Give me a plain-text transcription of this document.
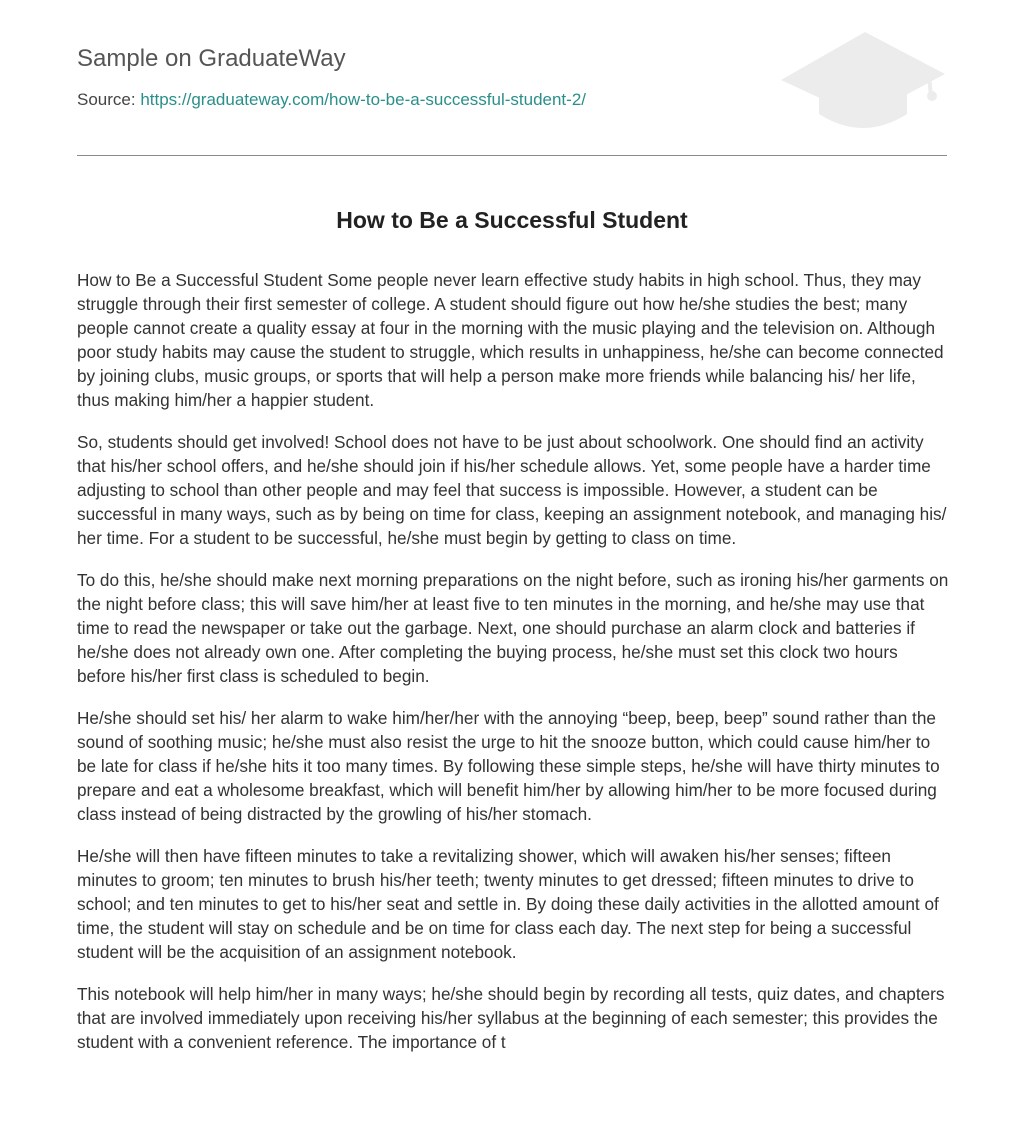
Sample on GraduateWay
Source: https://graduateway.com/how-to-be-a-successful-student-2/
How to Be a Successful Student

How to Be a Successful Student Some people never learn effective study habits in high school. Thus, they may struggle through their first semester of college. A student should figure out how he/she studies the best; many people cannot create a quality essay at four in the morning with the music playing and the television on. Although poor study habits may cause the student to struggle, which results in unhappiness, he/she can become connected by joining clubs, music groups, or sports that will help a person make more friends while balancing his/ her life, thus making him/her a happier student.

So, students should get involved! School does not have to be just about schoolwork. One should find an activity that his/her school offers, and he/she should join if his/her schedule allows. Yet, some people have a harder time adjusting to school than other people and may feel that success is impossible. However, a student can be successful in many ways, such as by being on time for class, keeping an assignment notebook, and managing his/ her time. For a student to be successful, he/she must begin by getting to class on time.

To do this, he/she should make next morning preparations on the night before, such as ironing his/her garments on the night before class; this will save him/her at least five to ten minutes in the morning, and he/she may use that time to read the newspaper or take out the garbage. Next, one should purchase an alarm clock and batteries if he/she does not already own one. After completing the buying process, he/she must set this clock two hours before his/her first class is scheduled to begin.

He/she should set his/ her alarm to wake him/her/her with the annoying “beep, beep, beep” sound rather than the sound of soothing music; he/she must also resist the urge to hit the snooze button, which could cause him/her to be late for class if he/she hits it too many times. By following these simple steps, he/she will have thirty minutes to prepare and eat a wholesome breakfast, which will benefit him/her by allowing him/her to be more focused during class instead of being distracted by the growling of his/her stomach.

He/she will then have fifteen minutes to take a revitalizing shower, which will awaken his/her senses; fifteen minutes to groom; ten minutes to brush his/her teeth; twenty minutes to get dressed; fifteen minutes to drive to school; and ten minutes to get to his/her seat and settle in. By doing these daily activities in the allotted amount of time, the student will stay on schedule and be on time for class each day. The next step for being a successful student will be the acquisition of an assignment notebook.

This notebook will help him/her in many ways; he/she should begin by recording all tests, quiz dates, and chapters that are involved immediately upon receiving his/her syllabus at the beginning of each semester; this provides the student with a convenient reference. The importance of t
